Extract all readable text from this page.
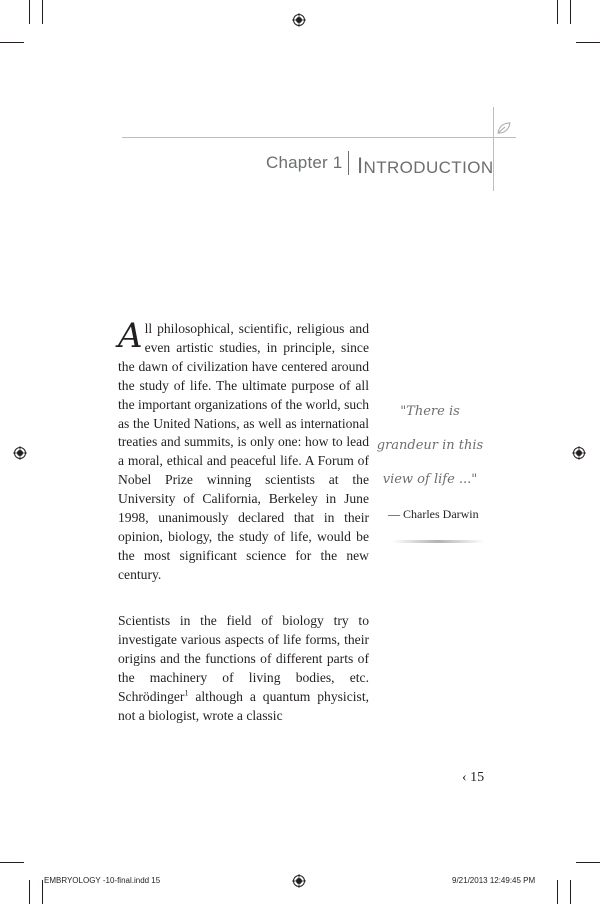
Chapter 1 INTRODUCTION
All philosophical, scientific, religious and even artistic studies, in principle, since the dawn of civilization have centered around the study of life. The ultimate purpose of all the important organizations of the world, such as the United Nations, as well as international treaties and summits, is only one: how to lead a moral, ethical and peaceful life. A Forum of Nobel Prize winning scientists at the University of California, Berkeley in June 1998, unanimously declared that in their opinion, biology, the study of life, would be the most significant science for the new century.
Scientists in the field of biology try to investigate various aspects of life forms, their origins and the functions of different parts of the machinery of living bodies, etc. Schrödinger$^1$ although a quantum physicist, not a biologist, wrote a classic
"There is
grandeur in this
view of life ..."
— Charles Darwin
‹ 15
EMBRYOLOGY -10-final.indd 15	9/21/2013 12:49:45 PM
